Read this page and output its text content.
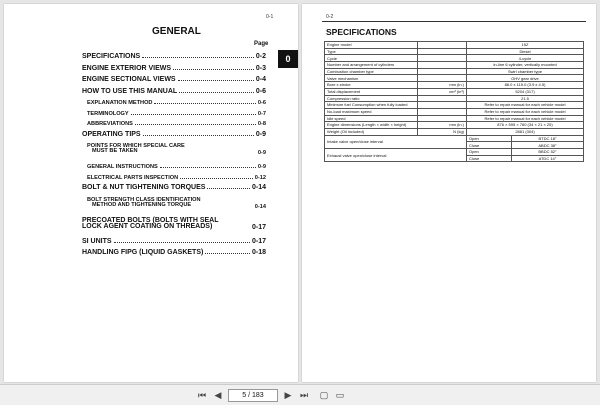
0-1
GENERAL
Page
0
SPECIFICATIONS	0-2
ENGINE EXTERIOR VIEWS	0-3
ENGINE SECTIONAL VIEWS	0-4
HOW TO USE THIS MANUAL	0-6
EXPLANATION METHOD	0-6
TERMINOLOGY	0-7
ABBREVIATIONS	0-8
OPERATING TIPS	0-9
POINTS FOR WHICH SPECIAL CARE
MUST BE TAKEN	0-9
GENERAL INSTRUCTIONS	0-9
ELECTRICAL PARTS INSPECTION	0-12
BOLT & NUT TIGHTENING TORQUES	0-14
BOLT STRENGTH CLASS IDENTIFICATION
METHOD AND TIGHTENING TORQUE	0-14
PRECOATED BOLTS (BOLTS WITH SEAL
LOCK AGENT COATING ON THREADS)	0-17
SI UNITS	0-17
HANDLING FIPG (LIQUID GASKETS)	0-18
0-2
SPECIFICATIONS
Engine model		15Z	
Type		Diesel	
Cycle		4-cycle	
Number and arrangement of cylinders		In-line 6 cylinder, vertically mounted	
Combustion chamber type		Swirl chamber type	
Valve mechanism		OHV gear drive	
Bore x stroke	mm (in.)	88.0 x 115.0 (3.9 x 4.5)	
Total displacement	cm³ (in³)	5204 (317)	
Compression ratio		21.5	
Minimum fuel Consumption when fully loaded		Refer to repair manual for each vehicle model	
No-load maximum speed		Refer to repair manual for each vehicle model	
Idle speed		Refer to repair manual for each vehicle model	
Engine dimensions (Length × width × height)	mm (in.)	876 × 595 × 760 (34 × 21 × 25)	
Weight (Oil included)	N (kg)	2881 (304)	
Intake valve open/close interval		Open	BTDC 18°
		Close	ABDC 38°
Exhaust valve open/close interval		Open	BBDC 52°
		Close	ATDC 14°
⏮ ◀	5 / 183	▶ ⏭ ▢ ▭
